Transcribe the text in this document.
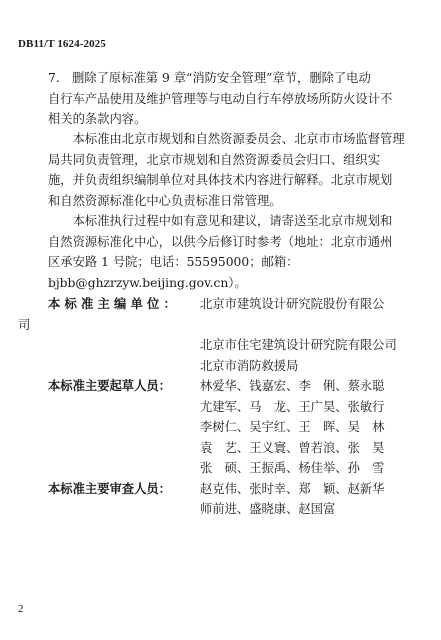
DB11/T 1624-2025
7.　删除了原标准第 9 章“消防安全管理”章节，删除了电动
自行车产品使用及维护管理等与电动自行车停放场所防火设计不
相关的条款内容。
　　本标准由北京市规划和自然资源委员会、北京市市场监督管理
局共同负责管理，北京市规划和自然资源委员会归口、组织实
施，并负责组织编制单位对具体技术内容进行解释。北京市规划
和自然资源标准化中心负责标准日常管理。
　　本标准执行过程中如有意见和建议，请寄送至北京市规划和
自然资源标准化中心，以供今后修订时参考（地址：北京市通州
区承安路 1 号院；电话：55595000；邮箱：
bjbb@ghzrzyw.beijing.gov.cn）。
本标准主编单位：	北京市建筑设计研究院股份有限公
司
北京市住宅建筑设计研究院有限公司
北京市消防救援局
本标准主要起草人员：	林爱华、钱嘉宏、李　俐、蔡永聪
尤建军、马　龙、王广昊、张敏行
李树仁、吴宇红、王　晖、吴　林
袁　艺、王义寰、曾若浪、张　昊
张　硕、王振禹、杨佳举、孙　雪
本标准主要审查人员：	赵克伟、张时幸、郑　颖、赵新华
师前进、盛晓康、赵国富
2
